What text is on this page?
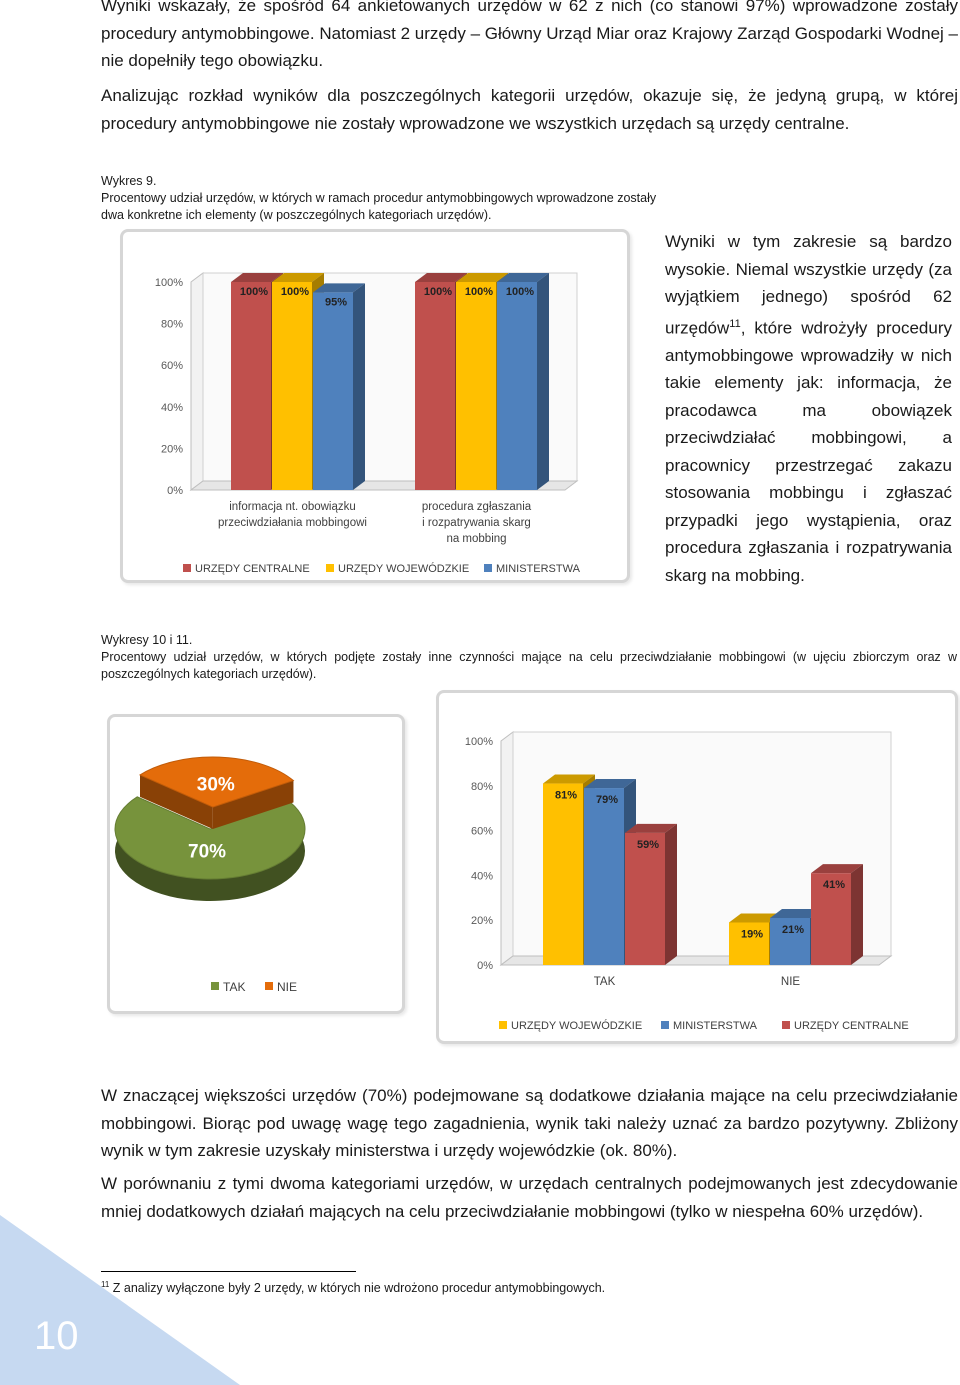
Wyniki wskazały, że spośród 64 ankietowanych urzędów w 62 z nich (co stanowi 97%) wprowadzone zostały procedury antymobbingowe. Natomiast 2 urzędy – Główny Urząd Miar oraz Krajowy Zarząd Gospodarki Wodnej – nie dopełniły tego obowiązku.

Analizując rozkład wyników dla poszczególnych kategorii urzędów, okazuje się, że jedyną grupą, w której procedury antymobbingowe nie zostały wprowadzone we wszystkich urzędach są urzędy centralne.

Wykres 9.

Procentowy udział urzędów, w których w ramach procedur antymobbingowych wprowadzone zostały dwa konkretne ich elementy (w poszczególnych kategoriach urzędów).

0%
20%
40%
60%
80%
100%
100% 100%
95%
informacja nt. obowiązku
przeciwdziałania mobbingowi
100% 100% 100%
procedura zgłaszania
i rozpatrywania skarg
na mobbing
URZĘDY CENTRALNE	URZĘDY WOJEWÓDZKIE MINISTERSTWA

Wyniki w tym zakresie są bardzo wysokie. Niemal wszystkie urzędy (za wyjątkiem jednego) spośród 62 urzędów$^{11}$, które wdrożyły procedury antymobbingowe wprowadziły w nich takie elementy jak: informacja, że pracodawca ma obowiązek przeciwdziałać mobbingowi, a pracownicy przestrzegać zakazu stosowania mobbingu i zgłaszać przypadki jego wystąpienia, oraz procedura zgłaszania i rozpatrywania skarg na mobbing.

Wykresy 10 i 11.

Procentowy udział urzędów, w których podjęte zostały inne czynności mające na celu przeciwdziałanie mobbingowi (w ujęciu zbiorczym oraz w poszczególnych kategoriach urzędów).

70%
30%
TAK	NIE
0%
20%
40%
60%
80%
100%
81% 79%
59%
TAK
19% 21%
41%
NIE
URZĘDY WOJEWÓDZKIE	MINISTERSTWA	URZĘDY CENTRALNE

W znaczącej większości urzędów (70%) podejmowane są dodatkowe działania mające na celu przeciwdziałanie mobbingowi. Biorąc pod uwagę wagę tego zagadnienia, wynik taki należy uznać za bardzo pozytywny. Zbliżony wynik w tym zakresie uzyskały ministerstwa i urzędy wojewódzkie (ok. 80%).

W porównaniu z tymi dwoma kategoriami urzędów, w urzędach centralnych podejmowanych jest zdecydowanie mniej dodatkowych działań mających na celu przeciwdziałanie mobbingowi (tylko w niespełna 60% urzędów).

$^{11}$ Z analizy wyłączone były 2 urzędy, w których nie wdrożono procedur antymobbingowych.

10
